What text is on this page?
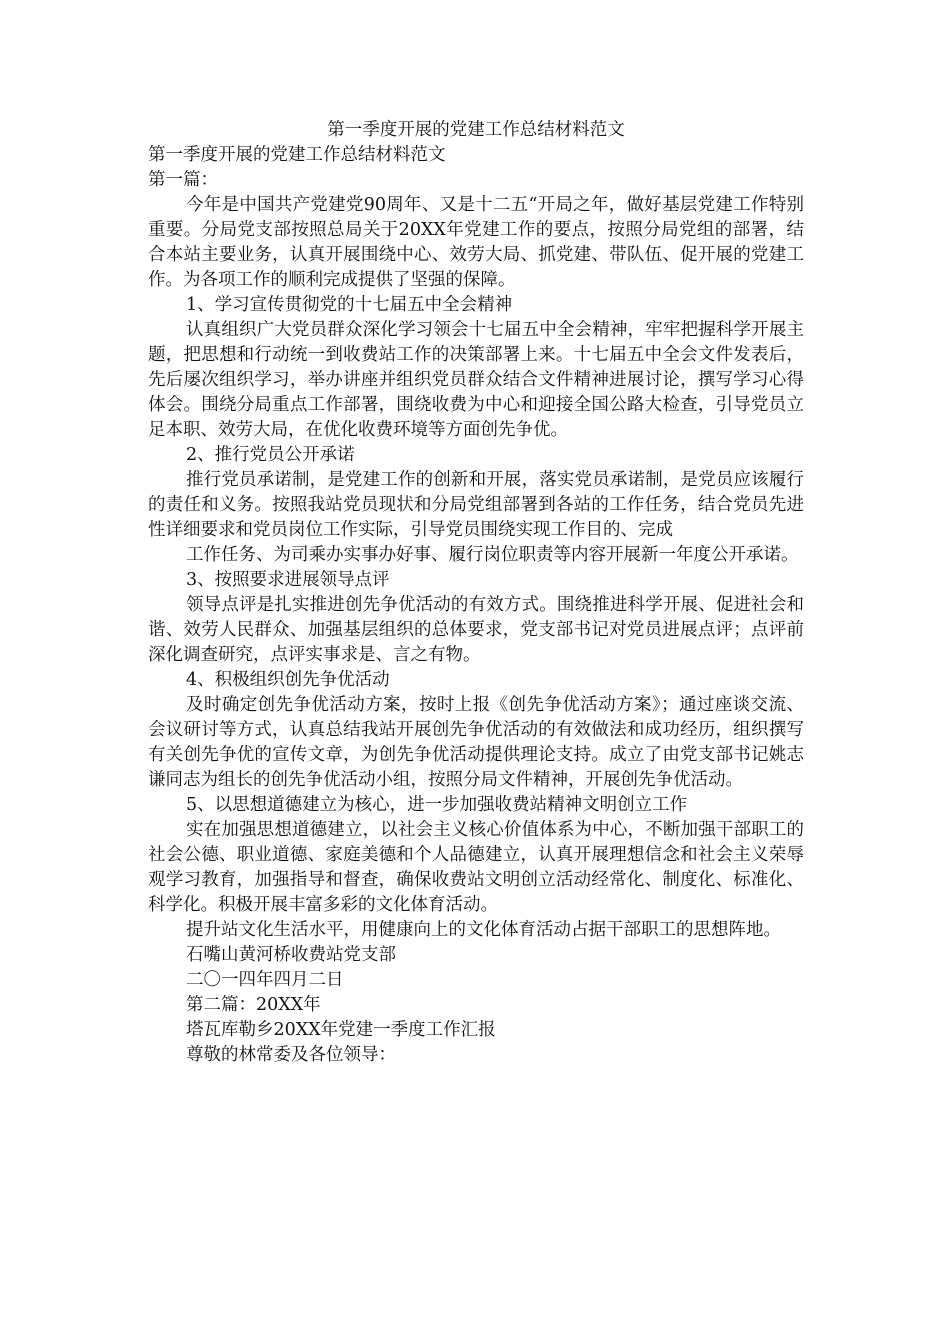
第一季度开展的党建工作总结材料范文

第一季度开展的党建工作总结材料范文

第一篇：

今年是中国共产党建党90周年、又是十二五“开局之年，做好基层党建工作特别重要。分局党支部按照总局关于20XX年党建工作的要点，按照分局党组的部署，结合本站主要业务，认真开展围绕中心、效劳大局、抓党建、带队伍、促开展的党建工作。为各项工作的顺利完成提供了坚强的保障。

1、学习宣传贯彻党的十七届五中全会精神

认真组织广大党员群众深化学习领会十七届五中全会精神，牢牢把握科学开展主题，把思想和行动统一到收费站工作的决策部署上来。十七届五中全会文件发表后，先后屡次组织学习，举办讲座并组织党员群众结合文件精神进展讨论，撰写学习心得体会。围绕分局重点工作部署，围绕收费为中心和迎接全国公路大检查，引导党员立足本职、效劳大局，在优化收费环境等方面创先争优。

2、推行党员公开承诺

推行党员承诺制，是党建工作的创新和开展，落实党员承诺制，是党员应该履行的责任和义务。按照我站党员现状和分局党组部署到各站的工作任务，结合党员先进性详细要求和党员岗位工作实际，引导党员围绕实现工作目的、完成

工作任务、为司乘办实事办好事、履行岗位职责等内容开展新一年度公开承诺。

3、按照要求进展领导点评

领导点评是扎实推进创先争优活动的有效方式。围绕推进科学开展、促进社会和谐、效劳人民群众、加强基层组织的总体要求，党支部书记对党员进展点评；点评前深化调查研究，点评实事求是、言之有物。

4、积极组织创先争优活动

及时确定创先争优活动方案，按时上报《创先争优活动方案》；通过座谈交流、会议研讨等方式，认真总结我站开展创先争优活动的有效做法和成功经历，组织撰写有关创先争优的宣传文章，为创先争优活动提供理论支持。成立了由党支部书记姚志谦同志为组长的创先争优活动小组，按照分局文件精神，开展创先争优活动。

5、以思想道德建立为核心，进一步加强收费站精神文明创立工作

实在加强思想道德建立，以社会主义核心价值体系为中心，不断加强干部职工的社会公德、职业道德、家庭美德和个人品德建立，认真开展理想信念和社会主义荣辱观学习教育，加强指导和督查，确保收费站文明创立活动经常化、制度化、标准化、科学化。积极开展丰富多彩的文化体育活动。

提升站文化生活水平，用健康向上的文化体育活动占据干部职工的思想阵地。

石嘴山黄河桥收费站党支部

二〇一四年四月二日

第二篇：20XX年

塔瓦库勒乡20XX年党建一季度工作汇报

尊敬的林常委及各位领导：
